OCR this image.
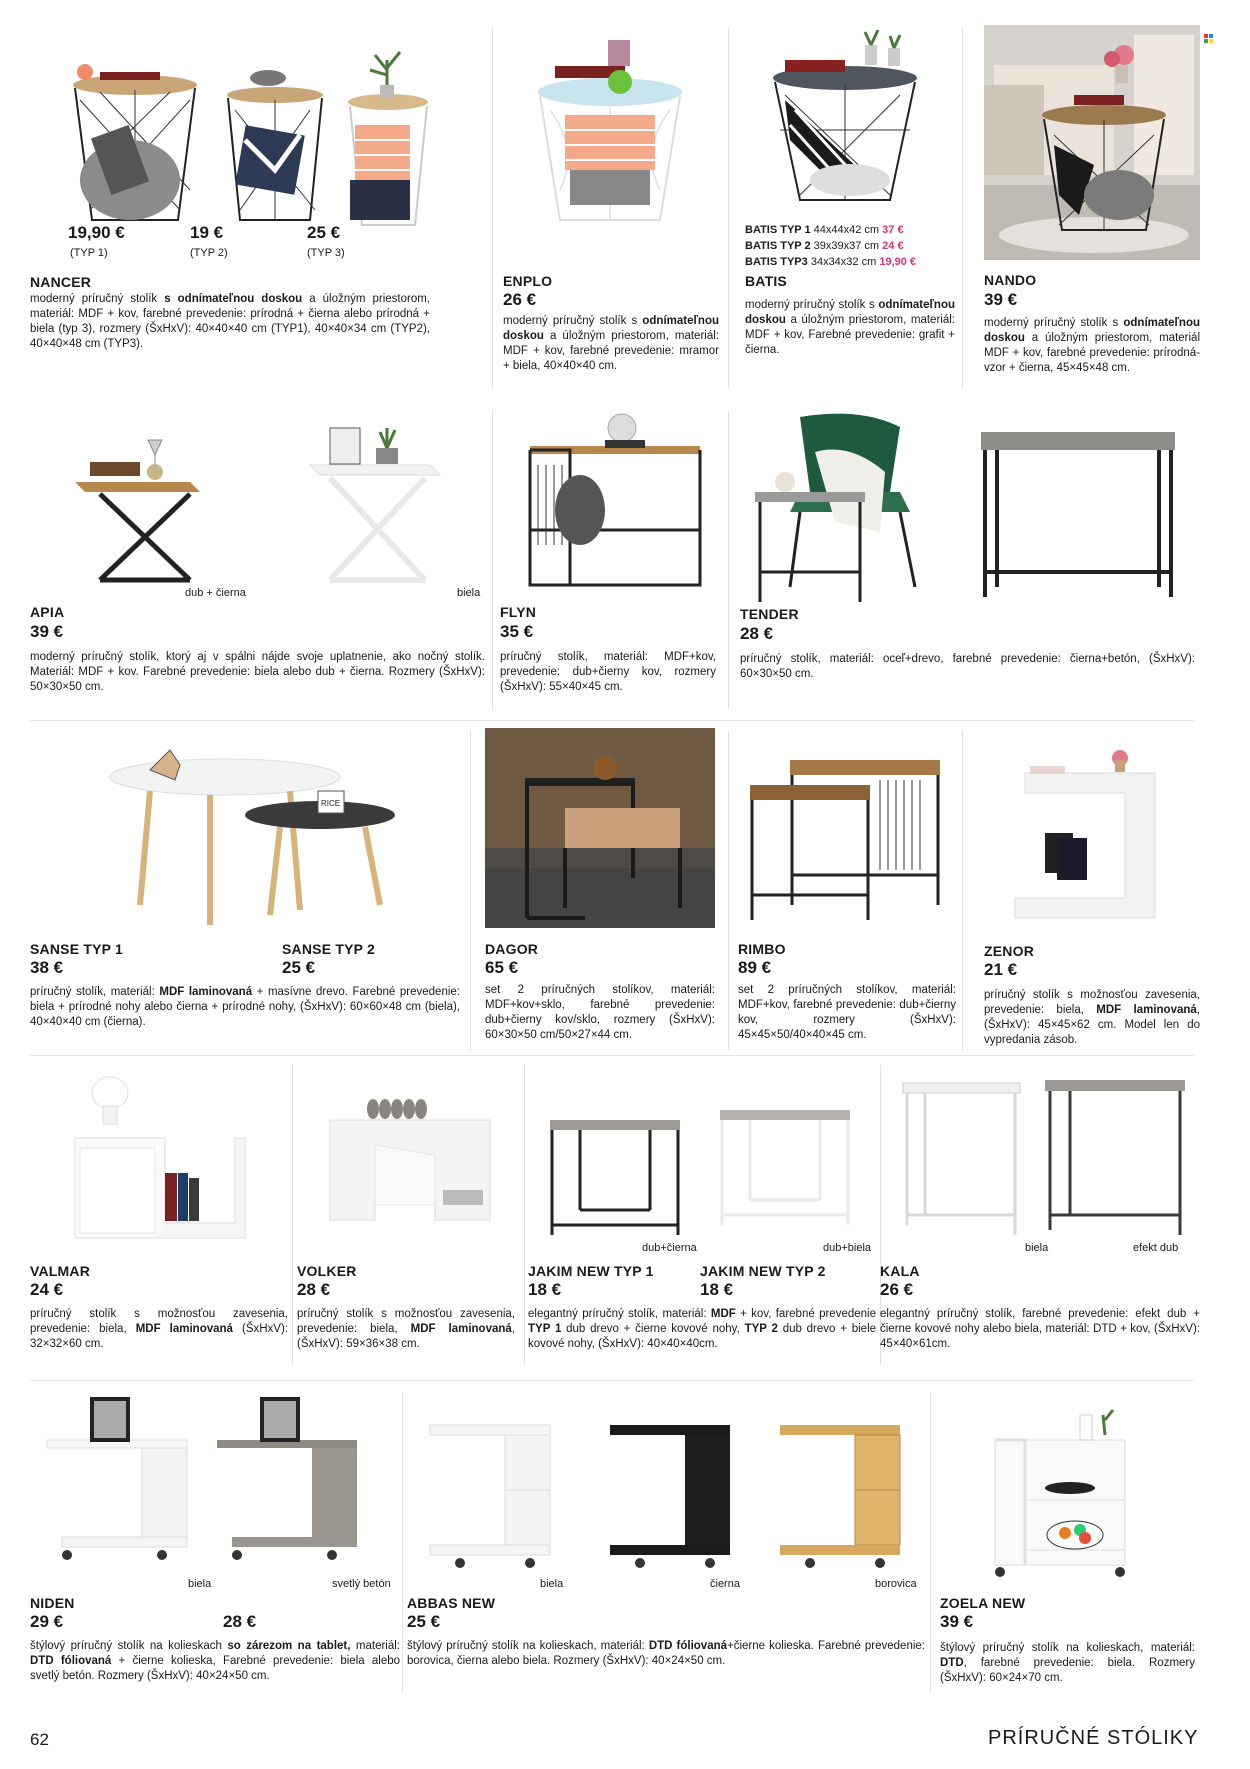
19,90 €
(TYP 1)
19 €
(TYP 2)
25 €
(TYP 3)
NANCER
moderný príručný stolík s odnímateľnou doskou a úložným priestorom, materiál: MDF + kov, farebné prevedenie: prírodná + čierna alebo prírodná + biela (typ 3), rozmery (ŠxHxV): 40×40×40 cm (TYP1), 40×40×34 cm (TYP2), 40×40×48 cm (TYP3).
ENPLO
26 €
moderný príručný stolík s odnímateľnou doskou a úložným priestorom, materiál: MDF + kov, farebné prevedenie: mramor + biela, 40×40×40 cm.
BATIS TYP 1 44x44x42 cm 37 €
BATIS TYP 2 39x39x37 cm 24 €
BATIS TYP3 34x34x32 cm 19,90 €
BATIS
moderný príručný stolík s odnímateľnou doskou a úložným priestorom, materiál: MDF + kov, Farebné prevedenie: grafit + čierna.
NANDO
39 €
moderný príručný stolík s odnímateľnou doskou a úložným priestorom, materiál MDF + kov, farebné prevedenie: prírodná-vzor + čierna, 45×45×48 cm.
dub + čierna	biela
APIA
39 €
moderný príručný stolík, ktorý aj v spálni nájde svoje uplatnenie, ako nočný stolík. Materiál: MDF + kov. Farebné prevedenie: biela alebo dub + čierna. Rozmery (ŠxHxV): 50×30×50 cm.
FLYN
35 €
príručný stolík, materiál: MDF+kov, prevedenie: dub+čierny kov, rozmery (ŠxHxV): 55×40×45 cm.
TENDER
28 €
príručný stolík, materiál: oceľ+drevo, farebné prevedenie: čierna+betón, (ŠxHxV): 60×30×50 cm.
RICE
SANSE TYP 1
38 €
SANSE TYP 2
25 €
príručný stolík, materiál: MDF laminovaná + masívne drevo. Farebné prevedenie: biela + prírodné nohy alebo čierna + prírodné nohy, (ŠxHxV): 60×60×48 cm (biela), 40×40×40 cm (čierna).
DAGOR
65 €
set 2 príručných stolíkov, materiál: MDF+kov+sklo, farebné prevedenie: dub+čierny kov/sklo, rozmery (ŠxHxV): 60×30×50 cm/50×27×44 cm.
RIMBO
89 €
set 2 príručných stolíkov, materiál: MDF+kov, farebné prevedenie: dub+čierny kov, rozmery (ŠxHxV): 45×45×50/40×40×45 cm.
ZENOR
21 €
príručný stolík s možnosťou zavesenia, prevedenie: biela, MDF laminovaná, (ŠxHxV): 45×45×62 cm. Model len do vypredania zásob.
VALMAR
24 €
príručný stolík s možnosťou zavesenia, prevedenie: biela, MDF laminovaná (ŠxHxV): 32×32×60 cm.
VOLKER
28 €
príručný stolík s možnosťou zavesenia, prevedenie: biela, MDF laminovaná, (ŠxHxV): 59×36×38 cm.
dub+čierna	dub+biela
JAKIM NEW TYP 1
18 €
JAKIM NEW TYP 2
18 €
elegantný príručný stolík, materiál: MDF + kov, farebné prevedenie TYP 1 dub drevo + čierne kovové nohy, TYP 2 dub drevo + biele kovové nohy, (ŠxHxV): 40×40×40cm.
biela	efekt dub
KALA
26 €
elegantný príručný stolík, farebné prevedenie: efekt dub + čierne kovové nohy alebo biela, materiál: DTD + kov, (ŠxHxV): 45×40×61cm.
biela	svetlý betón
NIDEN
29 €	28 €
štýlový príručný stolík na kolieskach so zárezom na tablet, materiál: DTD fóliovaná + čierne kolieska, Farebné prevedenie: biela alebo svetlý betón. Rozmery (ŠxHxV): 40×24×50 cm.
biela	čierna	borovica
ABBAS NEW
25 €
štýlový príručný stolík na kolieskach, materiál: DTD fóliovaná+čierne kolieska. Farebné prevedenie: borovica, čierna alebo biela. Rozmery (ŠxHxV): 40×24×50 cm.
ZOELA NEW
39 €
štýlový príručný stolík na kolieskach, materiál: DTD, farebné prevedenie: biela. Rozmery (ŠxHxV): 60×24×70 cm.
62	PRÍRUČNÉ STÓLIKY
